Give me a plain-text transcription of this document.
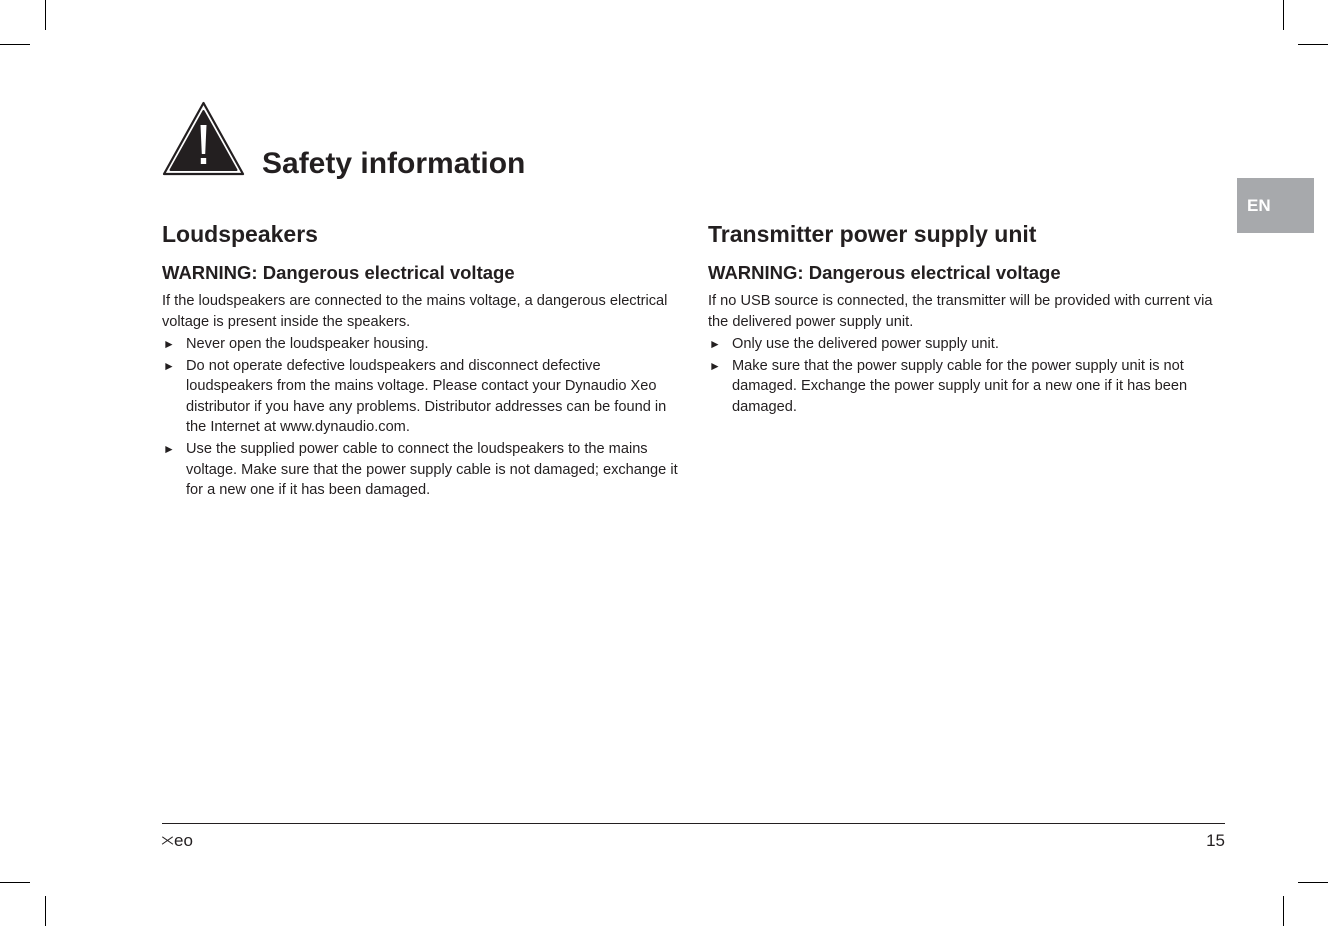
Safety information
EN
Loudspeakers
WARNING: Dangerous electrical voltage
If the loudspeakers are connected to the mains voltage, a dangerous electrical voltage is present inside the speakers.
► Never open the loudspeaker housing.
► Do not operate defective loudspeakers and disconnect defective loudspeakers from the mains voltage. Please contact your Dynaudio Xeo distributor if you have any problems. Distributor addresses can be found in the Internet at www.dynaudio.com.
► Use the supplied power cable to connect the loudspeakers to the mains voltage. Make sure that the power supply cable is not damaged; exchange it for a new one if it has been damaged.
Transmitter power supply unit
WARNING: Dangerous electrical voltage
If no USB source is connected, the transmitter will be provided with current via the delivered power supply unit.
► Only use the delivered power supply unit.
► Make sure that the power supply cable for the power supply unit is not damaged. Exchange the power supply unit for a new one if it has been damaged.
eo	15
